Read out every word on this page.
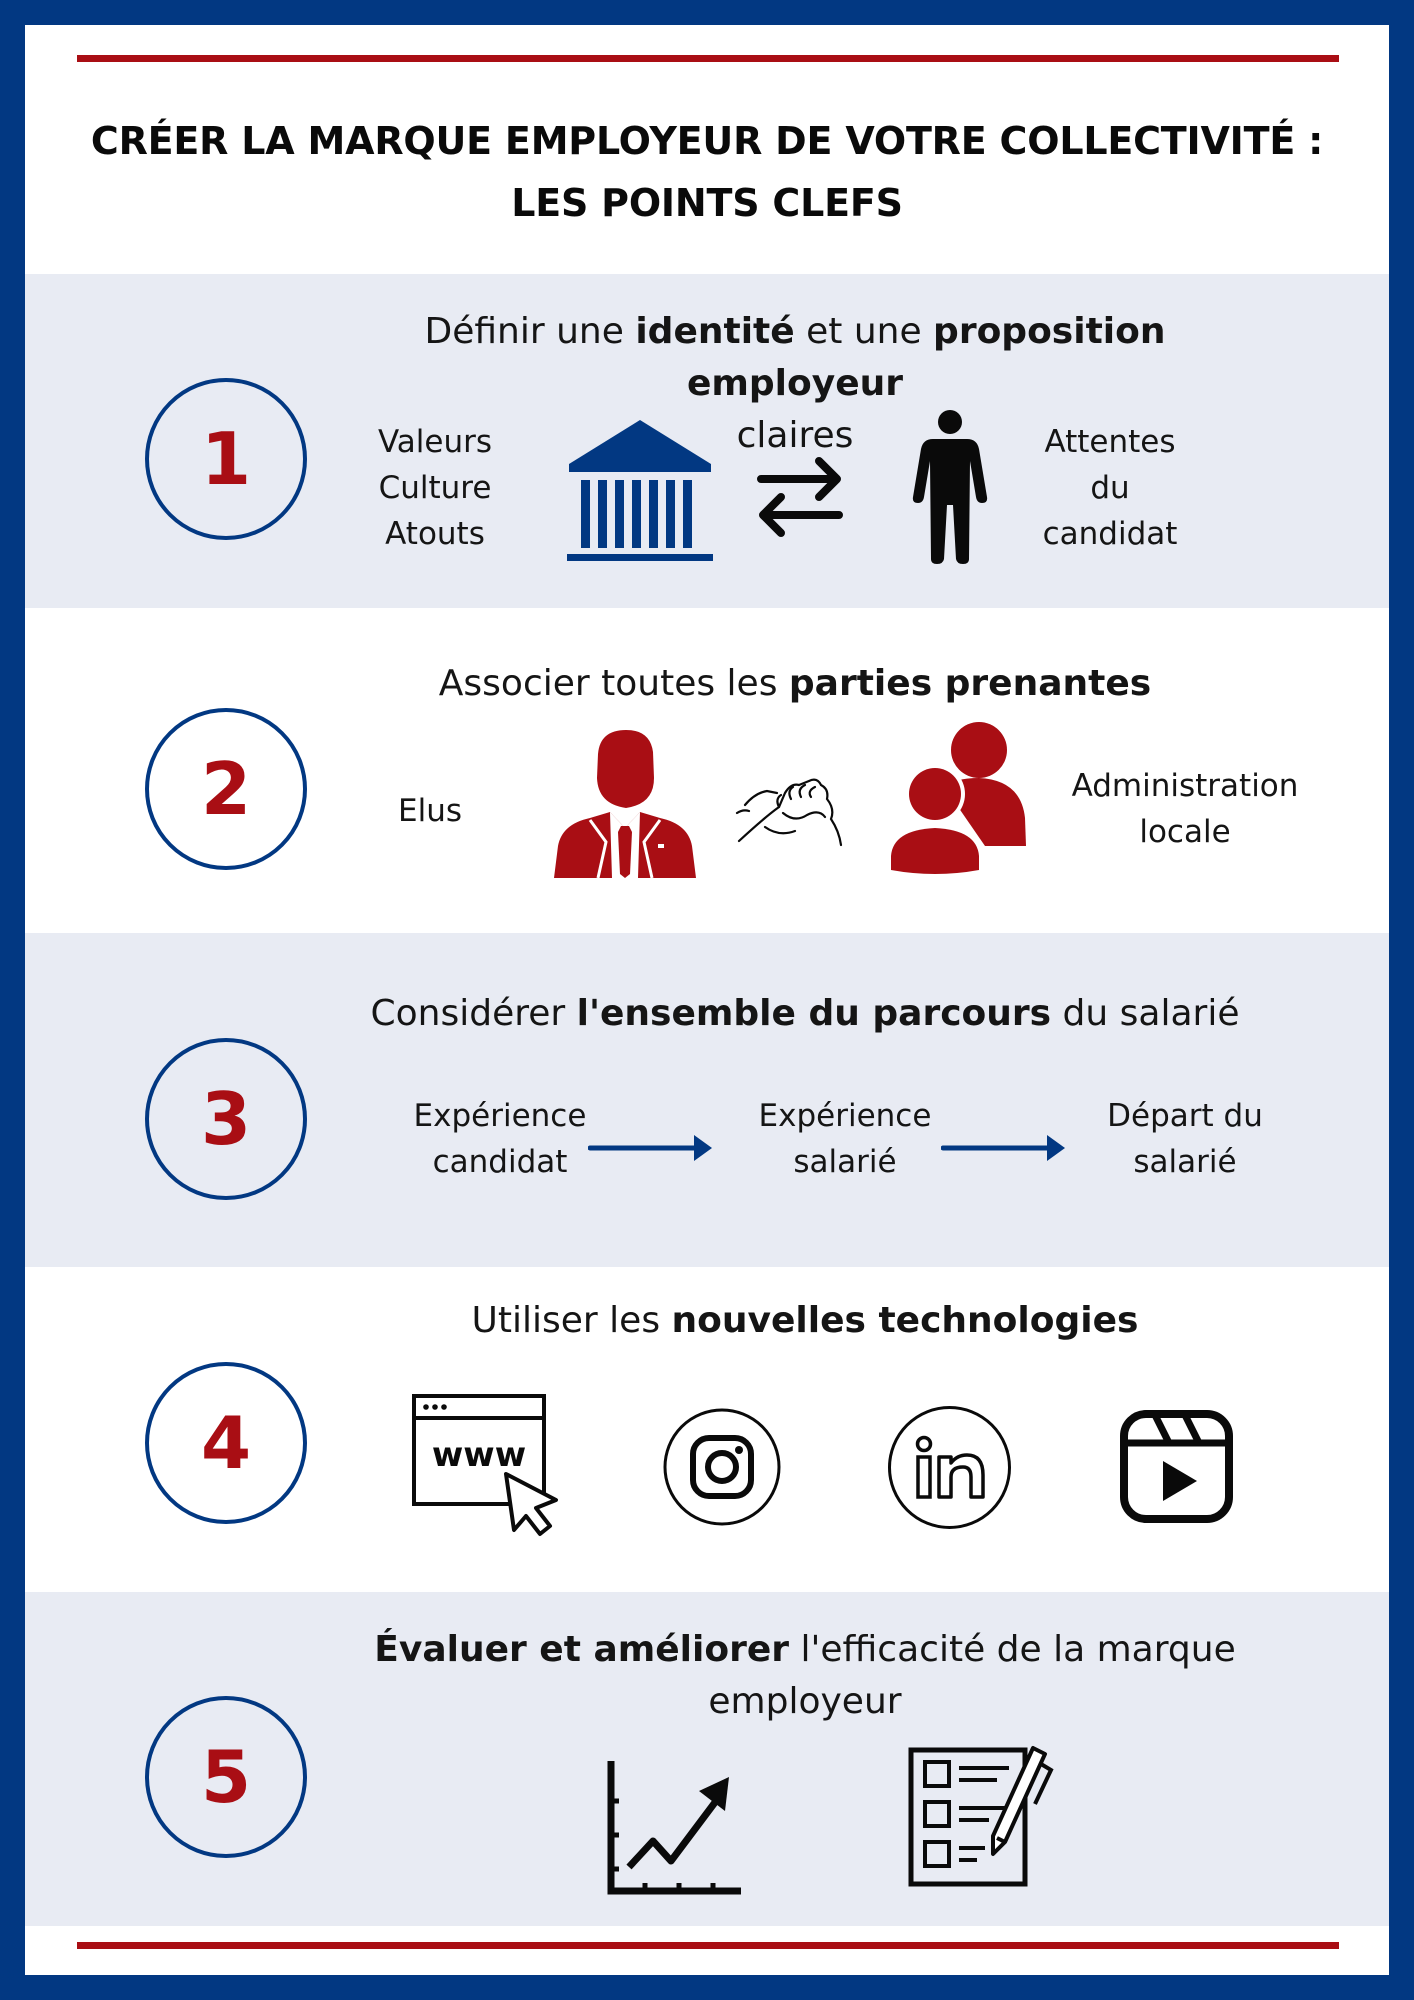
CRÉER LA MARQUE EMPLOYEUR DE VOTRE COLLECTIVITÉ :
LES POINTS CLEFS
1
Définir une identité et une proposition employeur
claires
Valeurs
Culture
Atouts
Attentes
du
candidat
2
Associer toutes les parties prenantes
Elus
Administration
locale
3
Considérer l'ensemble du parcours du salarié
Expérience
candidat
Expérience
salarié
Départ du
salarié
4
Utiliser les nouvelles technologies
www
5
Évaluer et améliorer l'efficacité de la marque
employeur
